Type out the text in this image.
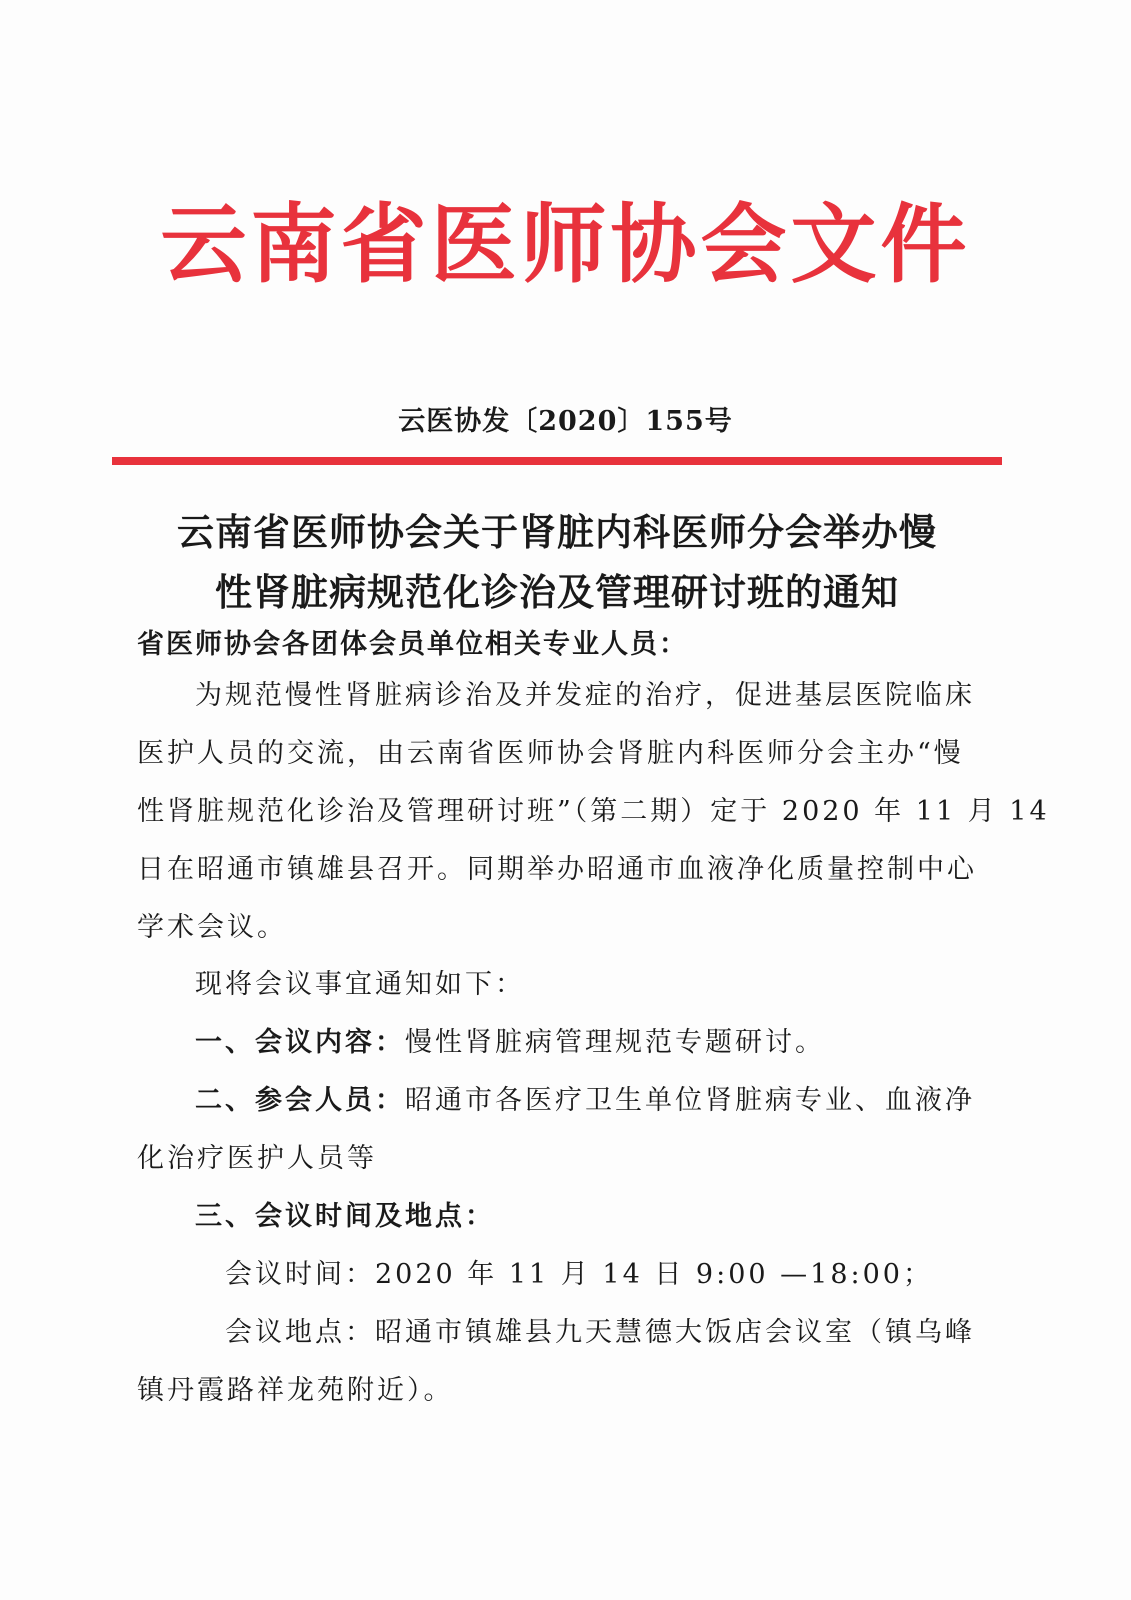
云南省医师协会文件
云医协发〔2020〕155号
云南省医师协会关于肾脏内科医师分会举办慢
性肾脏病规范化诊治及管理研讨班的通知
省医师协会各团体会员单位相关专业人员：
为规范慢性肾脏病诊治及并发症的治疗，促进基层医院临床
医护人员的交流，由云南省医师协会肾脏内科医师分会主办“慢
性肾脏规范化诊治及管理研讨班”（第二期）定于 2020 年 11 月 14
日在昭通市镇雄县召开。同期举办昭通市血液净化质量控制中心
学术会议。
现将会议事宜通知如下：
一、会议内容：慢性肾脏病管理规范专题研讨。
二、参会人员：昭通市各医疗卫生单位肾脏病专业、血液净
化治疗医护人员等
三、会议时间及地点：
会议时间：2020 年 11 月 14 日 9:00 —18:00；
会议地点：昭通市镇雄县九天慧德大饭店会议室（镇乌峰
镇丹霞路祥龙苑附近）。
